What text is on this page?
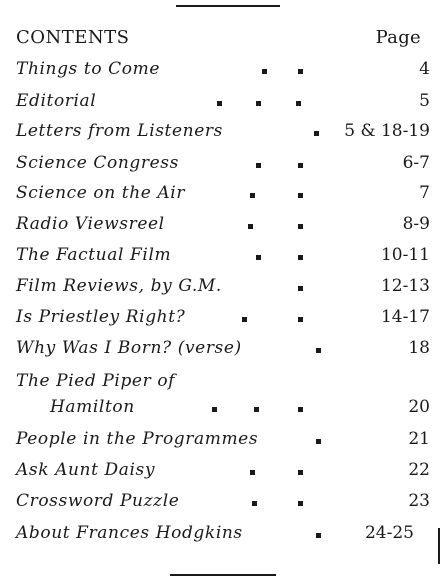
CONTENTS	Page
Things to Come	4
Editorial	5
Letters from Listeners	5 & 18-19
Science Congress	6-7
Science on the Air	7
Radio Viewsreel	8-9
The Factual Film	10-11
Film Reviews, by G.M.	12-13
Is Priestley Right?	14-17
Why Was I Born? (verse)	18
The Pied Piper of
Hamilton	20
People in the Programmes	21
Ask Aunt Daisy	22
Crossword Puzzle	23
About Frances Hodgkins	24-25
